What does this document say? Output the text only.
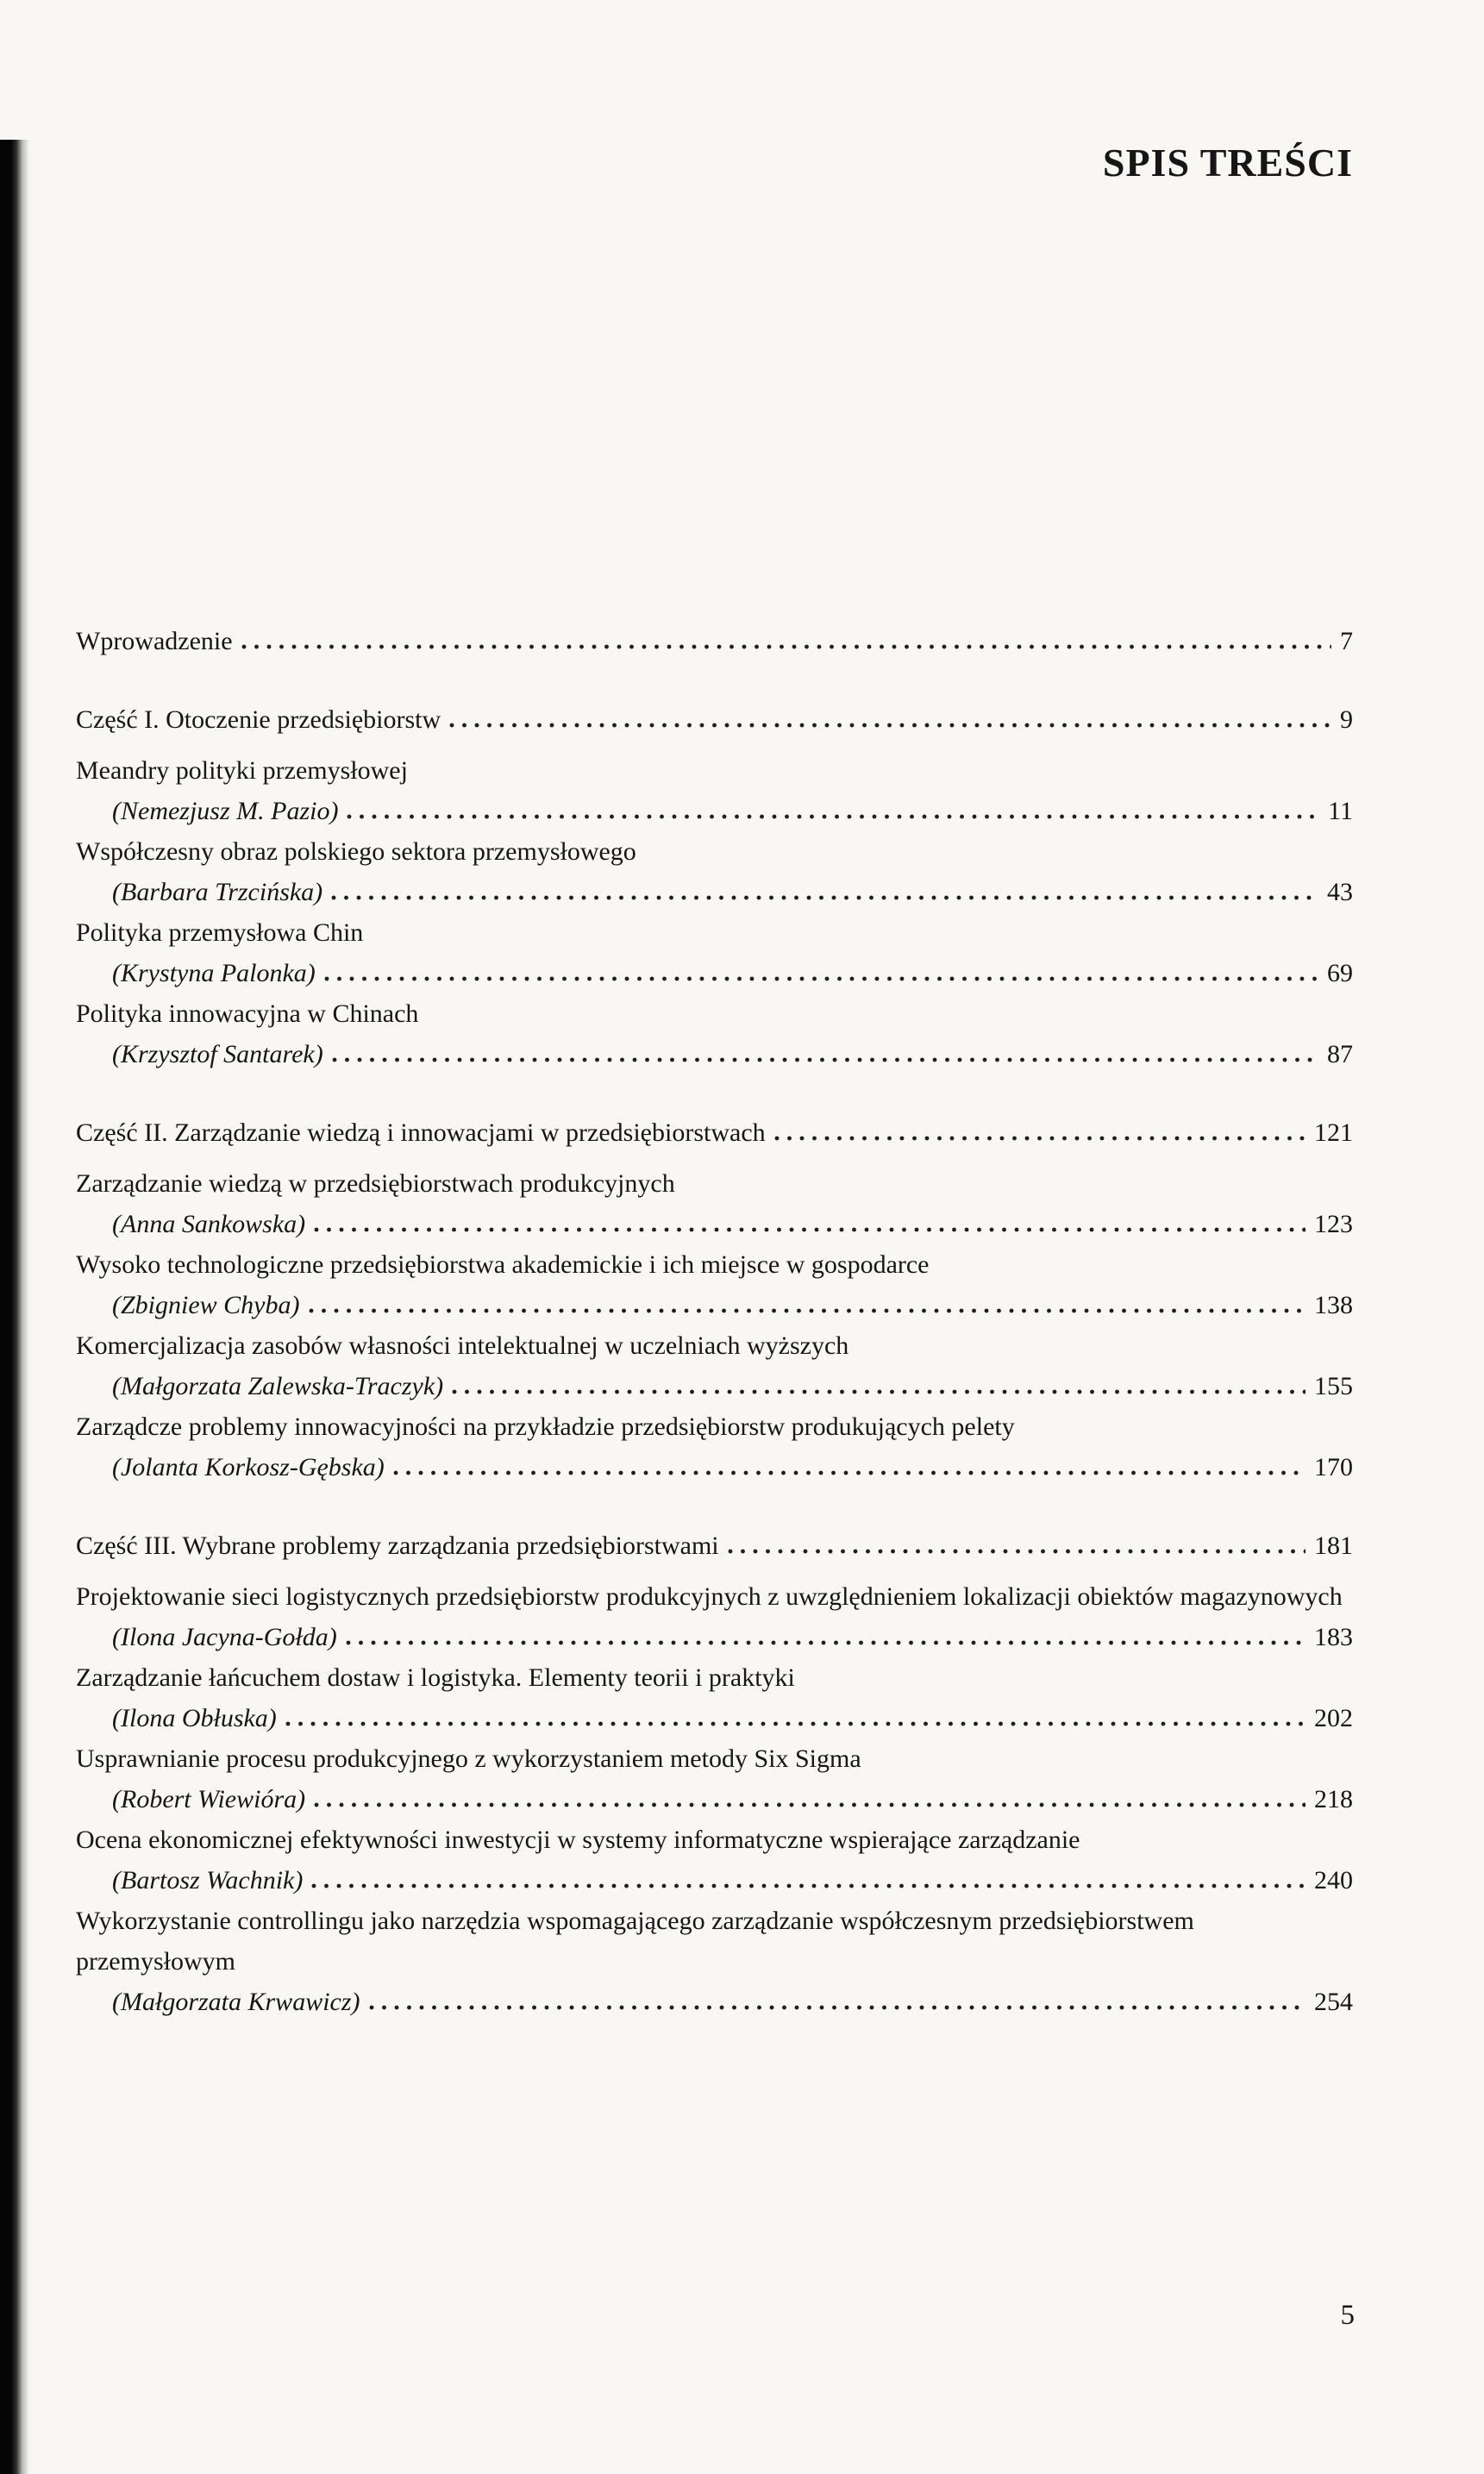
SPIS TREŚCI
Wprowadzenie	7
Część I. Otoczenie przedsiębiorstw	9
Meandry polityki przemysłowej
(Nemezjusz M. Pazio)	11
Współczesny obraz polskiego sektora przemysłowego
(Barbara Trzcińska)	43
Polityka przemysłowa Chin
(Krystyna Palonka)	69
Polityka innowacyjna w Chinach
(Krzysztof Santarek)	87
Część II. Zarządzanie wiedzą i innowacjami w przedsiębiorstwach	121
Zarządzanie wiedzą w przedsiębiorstwach produkcyjnych
(Anna Sankowska)	123
Wysoko technologiczne przedsiębiorstwa akademickie i ich miejsce w gospodarce
(Zbigniew Chyba)	138
Komercjalizacja zasobów własności intelektualnej w uczelniach wyższych
(Małgorzata Zalewska-Traczyk)	155
Zarządcze problemy innowacyjności na przykładzie przedsiębiorstw produkujących pelety
(Jolanta Korkosz-Gębska)	170
Część III. Wybrane problemy zarządzania przedsiębiorstwami	181
Projektowanie sieci logistycznych przedsiębiorstw produkcyjnych z uwzględnieniem lokalizacji obiektów magazynowych
(Ilona Jacyna-Gołda)	183
Zarządzanie łańcuchem dostaw i logistyka. Elementy teorii i praktyki
(Ilona Obłuska)	202
Usprawnianie procesu produkcyjnego z wykorzystaniem metody Six Sigma
(Robert Wiewióra)	218
Ocena ekonomicznej efektywności inwestycji w systemy informatyczne wspierające zarządzanie
(Bartosz Wachnik)	240
Wykorzystanie controllingu jako narzędzia wspomagającego zarządzanie współczesnym przedsiębiorstwem przemysłowym
(Małgorzata Krwawicz)	254
5
